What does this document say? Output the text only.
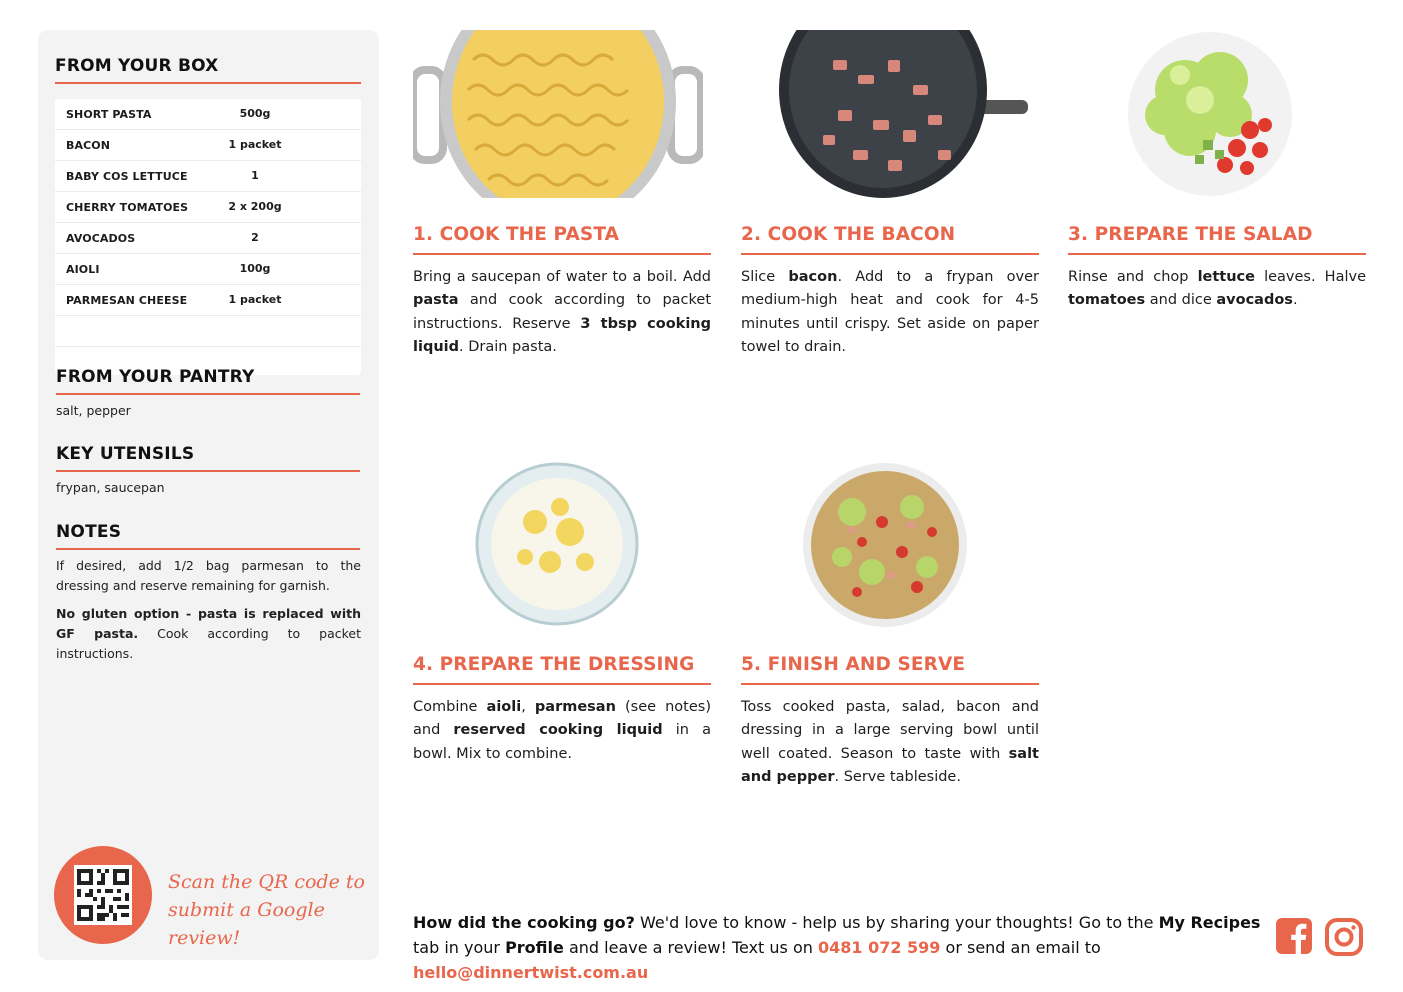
FROM YOUR BOX
SHORT PASTA	500g
BACON	1 packet
BABY COS LETTUCE	1
CHERRY TOMATOES	2 x 200g
AVOCADOS	2
AIOLI	100g
PARMESAN CHEESE	1 packet
FROM YOUR PANTRY
salt, pepper
KEY UTENSILS
frypan, saucepan
NOTES
If desired, add 1/2 bag parmesan to the dressing and reserve remaining for garnish.
No gluten option - pasta is replaced with GF pasta. Cook according to packet instructions.
Scan the QR code to
submit a Google review!
1. COOK THE PASTA
Bring a saucepan of water to a boil. Add pasta and cook according to packet instructions. Reserve 3 tbsp cooking liquid. Drain pasta.
2. COOK THE BACON
Slice bacon. Add to a frypan over medium-high heat and cook for 4-5 minutes until crispy. Set aside on paper towel to drain.
3. PREPARE THE SALAD
Rinse and chop lettuce leaves. Halve tomatoes and dice avocados.
4. PREPARE THE DRESSING
Combine aioli, parmesan (see notes) and reserved cooking liquid in a bowl. Mix to combine.
5. FINISH AND SERVE
Toss cooked pasta, salad, bacon and dressing in a large serving bowl until well coated. Season to taste with salt and pepper. Serve tableside.
How did the cooking go? We'd love to know - help us by sharing your thoughts! Go to the My Recipes tab in your Profile and leave a review! Text us on 0481 072 599 or send an email to hello@dinnertwist.com.au
